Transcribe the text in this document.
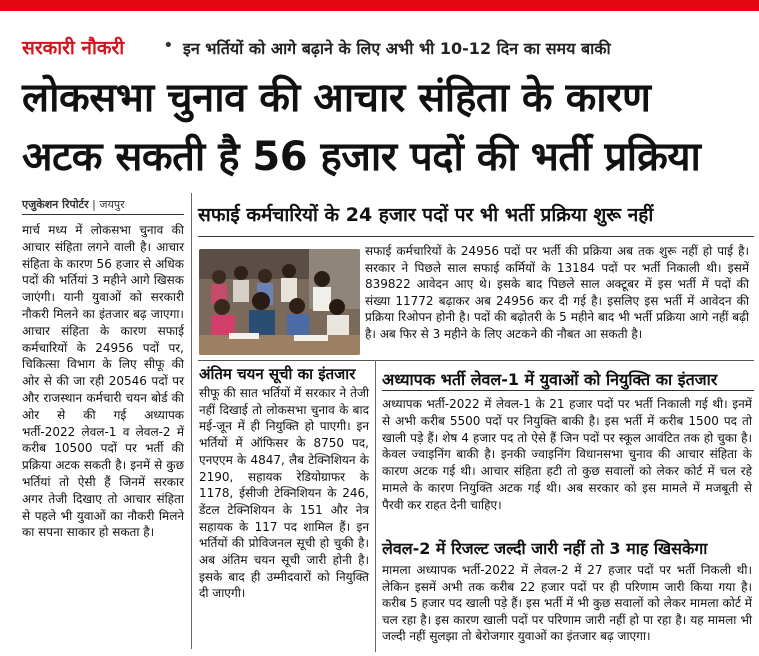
सरकारी नौकरी • इन भर्तियों को आगे बढ़ाने के लिए अभी भी 10-12 दिन का समय बाकी
लोकसभा चुनाव की आचार संहिता के कारण
अटक सकती है 56 हजार पदों की भर्ती प्रक्रिया
एजुकेशन रिपोर्टर | जयपुर

मार्च मध्य में लोकसभा चुनाव की आचार संहिता लगने वाली है। आचार संहिता के कारण 56 हजार से अधिक पदों की भर्तियां 3 महीने आगे खिसक जाएंगी। यानी युवाओं को सरकारी नौकरी मिलने का इंतजार बढ़ जाएगा। आचार संहिता के कारण सफाई कर्मचारियों के 24956 पदों पर, चिकित्सा विभाग के लिए सीफू की ओर से की जा रही 20546 पदों पर और राजस्थान कर्मचारी चयन बोर्ड की ओर से की गई अध्यापक भर्ती-2022 लेवल-1 व लेवल-2 में करीब 10500 पदों पर भर्ती की प्रक्रिया अटक सकती है। इनमें से कुछ भर्तियां तो ऐसी हैं जिनमें सरकार अगर तेजी दिखाए तो आचार संहिता से पहले भी युवाओं का नौकरी मिलने का सपना साकार हो सकता है।

सफाई कर्मचारियों के 24 हजार पदों पर भी भर्ती प्रक्रिया शुरू नहीं

सफाई कर्मचारियों के 24956 पदों पर भर्ती की प्रक्रिया अब तक शुरू नहीं हो पाई है। सरकार ने पिछले साल सफाई कर्मियों के 13184 पदों पर भर्ती निकाली थी। इसमें 839822 आवेदन आए थे। इसके बाद पिछले साल अक्टूबर में इस भर्ती में पदों की संख्या 11772 बढ़ाकर अब 24956 कर दी गई है। इसलिए इस भर्ती में आवेदन की प्रक्रिया रिओपन होनी है। पदों की बढ़ोतरी के 5 महीने बाद भी भर्ती प्रक्रिया आगे नहीं बढ़ी है। अब फिर से 3 महीने के लिए अटकने की नौबत आ सकती है।

अंतिम चयन सूची का इंतजार

सीफू की सात भर्तियों में सरकार ने तेजी नहीं दिखाई तो लोकसभा चुनाव के बाद मई-जून में ही नियुक्ति हो पाएगी। इन भर्तियों में ऑफिसर के 8750 पद, एनएएम के 4847, लैब टेक्निशियन के 2190, सहायक रेडियोग्राफर के 1178, ईसीजी टेक्निशियन के 246, डेंटल टेक्निशियन के 151 और नेत्र सहायक के 117 पद शामिल हैं। इन भर्तियों की प्रोविजनल सूची हो चुकी है। अब अंतिम चयन सूची जारी होनी है। इसके बाद ही उम्मीदवारों को नियुक्ति दी जाएगी।

अध्यापक भर्ती लेवल-1 में युवाओं को नियुक्ति का इंतजार

अध्यापक भर्ती-2022 में लेवल-1 के 21 हजार पदों पर भर्ती निकाली गई थी। इनमें से अभी करीब 5500 पदों पर नियुक्ति बाकी है। इस भर्ती में करीब 1500 पद तो खाली पड़े हैं। शेष 4 हजार पद तो ऐसे हैं जिन पदों पर स्कूल आवंटित तक हो चुका है। केवल ज्वाइनिंग बाकी है। इनकी ज्वाइनिंग विधानसभा चुनाव की आचार संहिता के कारण अटक गई थी। आचार संहिता हटी तो कुछ सवालों को लेकर कोर्ट में चल रहे मामले के कारण नियुक्ति अटक गई थी। अब सरकार को इस मामले में मजबूती से पैरवी कर राहत देनी चाहिए।

लेवल-2 में रिजल्ट जल्दी जारी नहीं तो 3 माह खिसकेगा

मामला अध्यापक भर्ती-2022 में लेवल-2 में 27 हजार पदों पर भर्ती निकली थी। लेकिन इसमें अभी तक करीब 22 हजार पदों पर ही परिणाम जारी किया गया है। करीब 5 हजार पद खाली पड़े हैं। इस भर्ती में भी कुछ सवालों को लेकर मामला कोर्ट में चल रहा है। इस कारण खाली पदों पर परिणाम जारी नहीं हो पा रहा है। यह मामला भी जल्दी नहीं सुलझा तो बेरोजगार युवाओं का इंतजार बढ़ जाएगा।
